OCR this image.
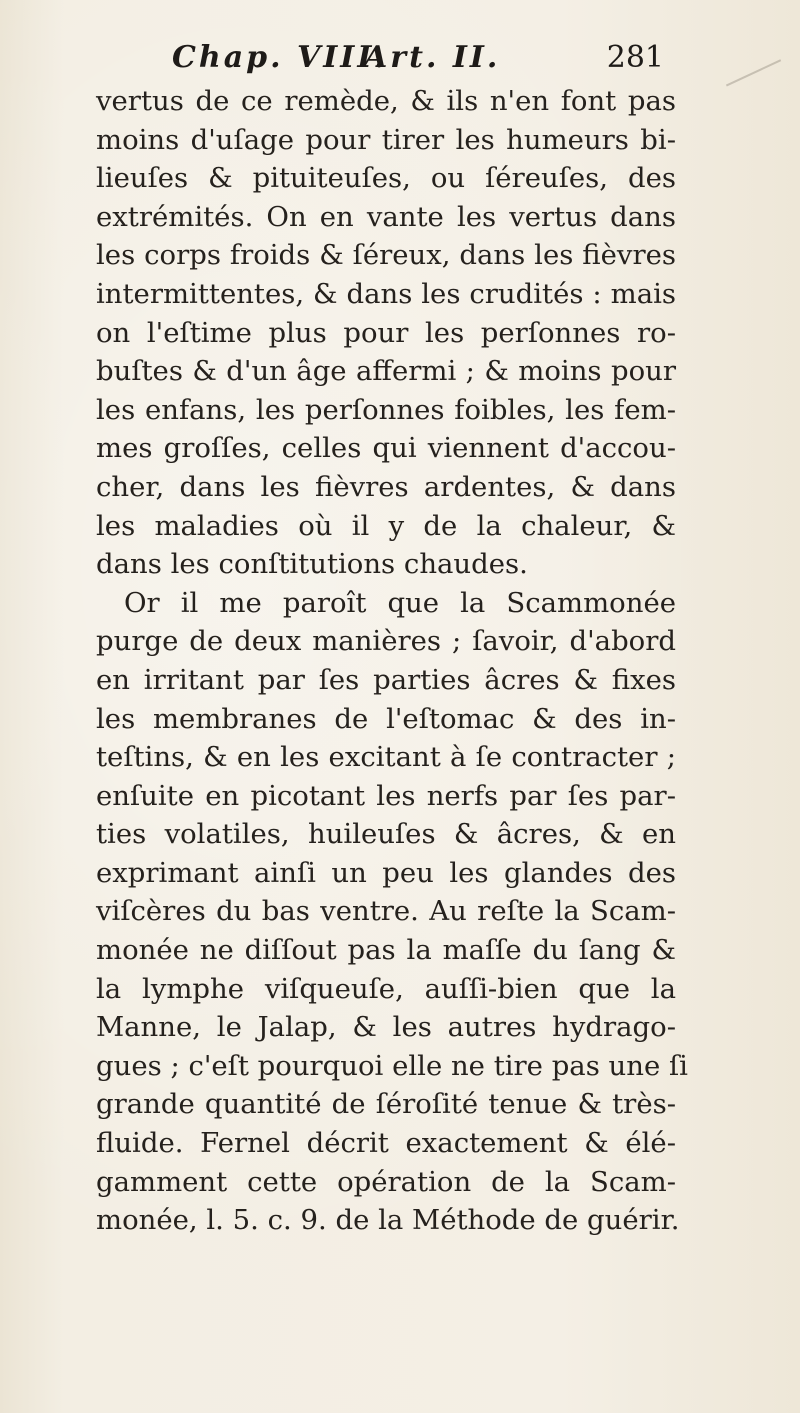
Chap. VIII.
Art. II.	281
vertus de ce remède, & ils n'en font pas
moins d'uſage pour tirer les humeurs bi-
lieuſes & pituiteuſes, ou ſéreuſes, des
extrémités. On en vante les vertus dans
les corps froids & ſéreux, dans les fièvres
intermittentes, & dans les crudités : mais
on l'eſtime plus pour les perſonnes ro-
buſtes & d'un âge affermi ; & moins pour
les enfans, les perſonnes foibles, les fem-
mes groſſes, celles qui viennent d'accou-
cher, dans les fièvres ardentes, & dans
les maladies où il y de la chaleur, &
dans les conſtitutions chaudes.
Or il me paroît que la Scammonée
purge de deux manières ; ſavoir, d'abord
en irritant par ſes parties âcres & fixes
les membranes de l'eſtomac & des in-
teſtins, & en les excitant à ſe contracter ;
enſuite en picotant les nerfs par ſes par-
ties volatiles, huileuſes & âcres, & en
exprimant ainſi un peu les glandes des
viſcères du bas ventre. Au reſte la Scam-
monée ne diſſout pas la maſſe du ſang &
la lymphe viſqueuſe, auſſi-bien que la
Manne, le Jalap, & les autres hydrago-
gues ; c'eſt pourquoi elle ne tire pas une ſi
grande quantité de ſéroſité tenue & très-
fluide. Fernel décrit exactement & élé-
gamment cette opération de la Scam-
monée, l. 5. c. 9. de la Méthode de guérir.
